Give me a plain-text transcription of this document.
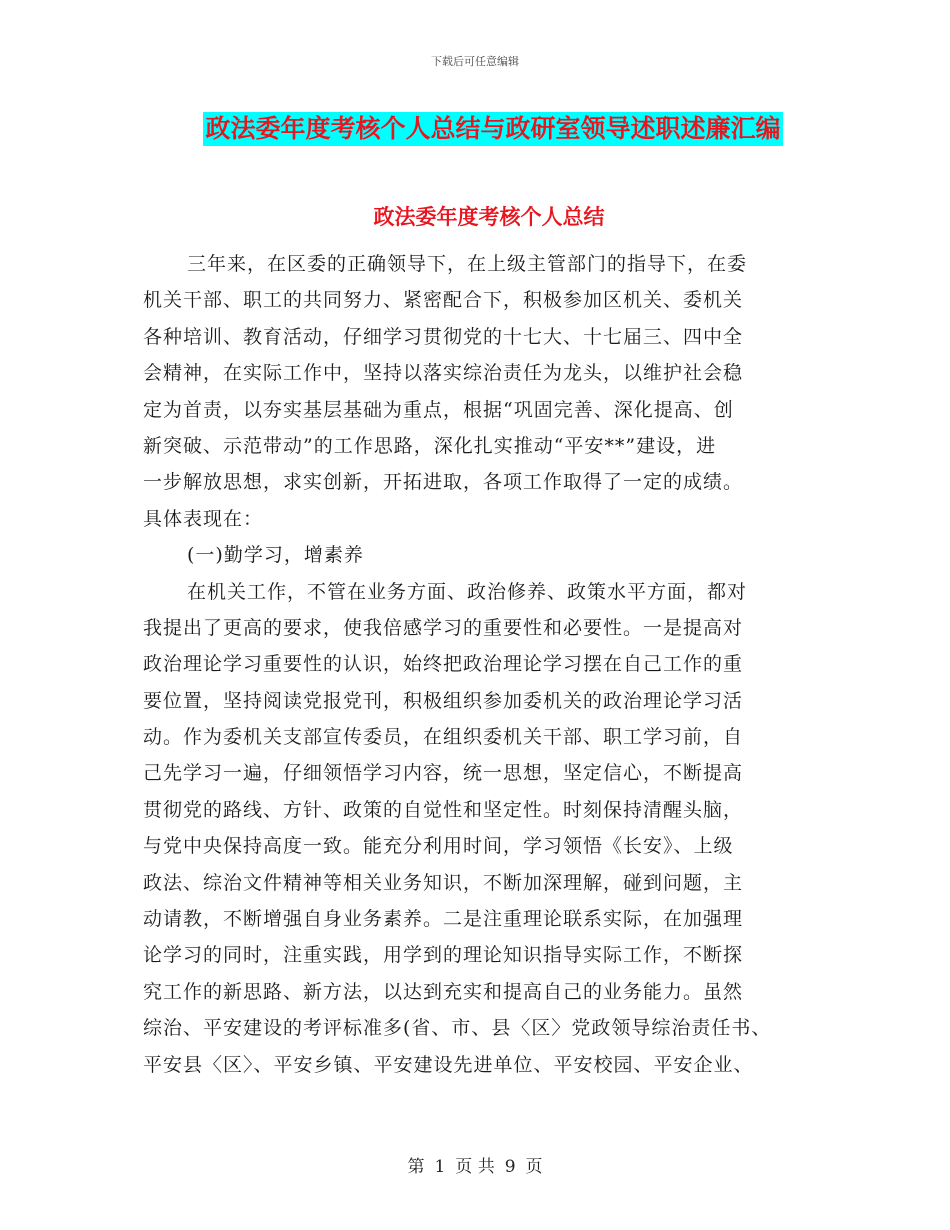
下载后可任意编辑
政法委年度考核个人总结与政研室领导述职述廉汇编
政法委年度考核个人总结
三年来，在区委的正确领导下，在上级主管部门的指导下，在委
机关干部、职工的共同努力、紧密配合下，积极参加区机关、委机关
各种培训、教育活动，仔细学习贯彻党的十七大、十七届三、四中全
会精神，在实际工作中，坚持以落实综治责任为龙头，以维护社会稳
定为首责，以夯实基层基础为重点，根据“巩固完善、深化提高、创
新突破、示范带动”的工作思路，深化扎实推动“平安**”建设，进
一步解放思想，求实创新，开拓进取，各项工作取得了一定的成绩。
具体表现在：
(一)勤学习，增素养
在机关工作，不管在业务方面、政治修养、政策水平方面，都对
我提出了更高的要求，使我倍感学习的重要性和必要性。一是提高对
政治理论学习重要性的认识，始终把政治理论学习摆在自己工作的重
要位置，坚持阅读党报党刊，积极组织参加委机关的政治理论学习活
动。作为委机关支部宣传委员，在组织委机关干部、职工学习前，自
己先学习一遍，仔细领悟学习内容，统一思想，坚定信心，不断提高
贯彻党的路线、方针、政策的自觉性和坚定性。时刻保持清醒头脑，
与党中央保持高度一致。能充分利用时间，学习领悟《长安》、上级
政法、综治文件精神等相关业务知识，不断加深理解，碰到问题，主
动请教，不断增强自身业务素养。二是注重理论联系实际，在加强理
论学习的同时，注重实践，用学到的理论知识指导实际工作，不断探
究工作的新思路、新方法，以达到充实和提高自己的业务能力。虽然
综治、平安建设的考评标准多(省、市、县〈区〉党政领导综治责任书、
平安县〈区〉、平安乡镇、平安建设先进单位、平安校园、平安企业、
第 1 页 共 9 页
